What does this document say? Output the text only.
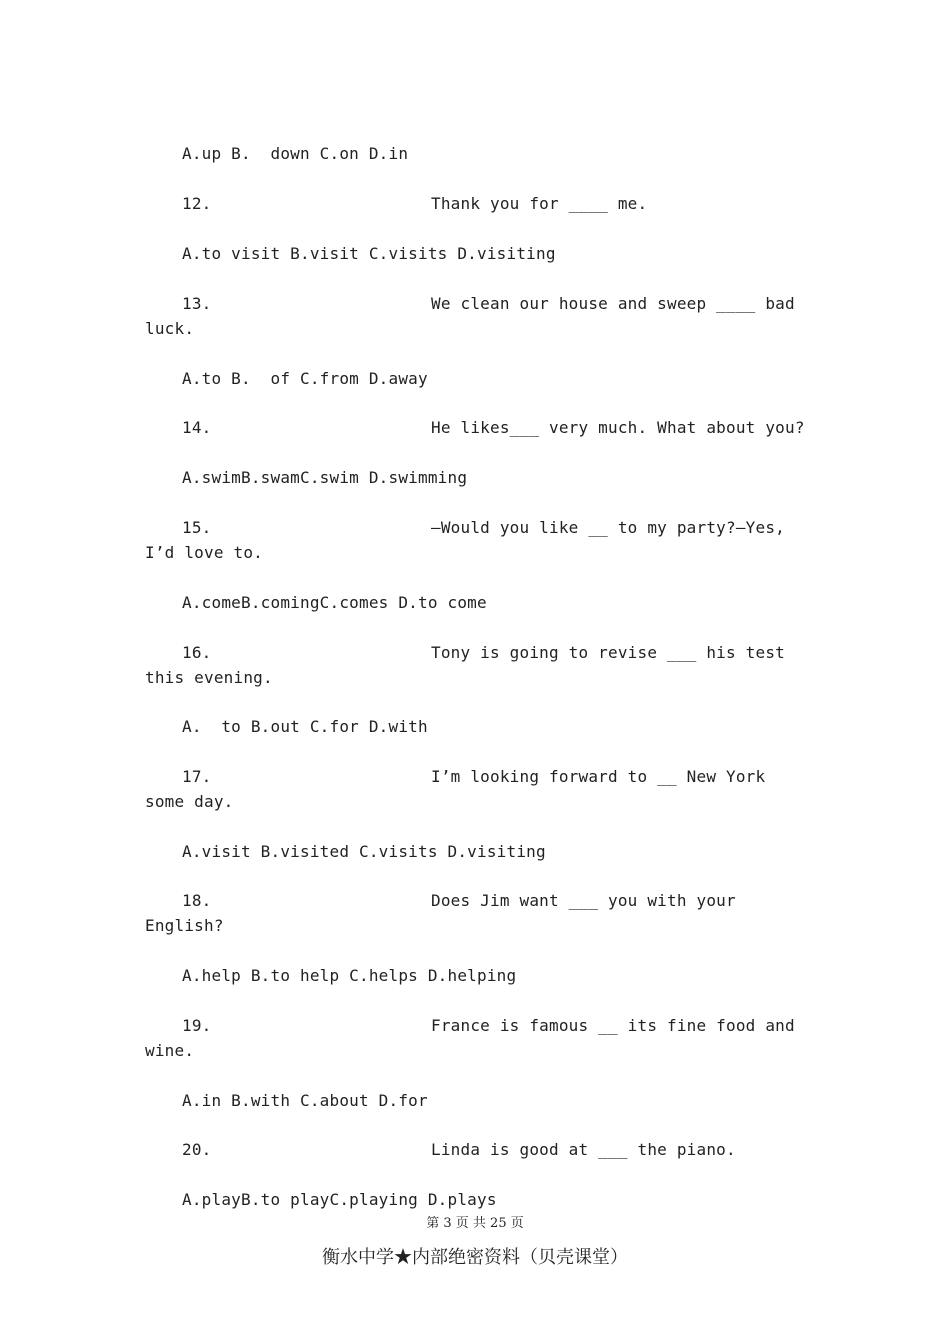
A.up B.  down C.on D.in
12.	Thank you for ____ me.
A.to visit B.visit C.visits D.visiting
13.	We clean our house and sweep ____ bad
luck.
A.to B.  of C.from D.away
14.	He likes___ very much. What about you?
A.swimB.swamC.swim D.swimming
15.	–Would you like __ to my party?—Yes,
I’d love to.
A.comeB.comingC.comes D.to come
16.	Tony is going to revise ___ his test
this evening.
A.  to B.out C.for D.with
17.	I’m looking forward to __ New York
some day.
A.visit B.visited C.visits D.visiting
18.	Does Jim want ___ you with your
English?
A.help B.to help C.helps D.helping
19.	France is famous __ its fine food and
wine.
A.in B.with C.about D.for
20.	Linda is good at ___ the piano.
A.playB.to playC.playing D.plays
第 3 页 共 25 页
衡水中学★内部绝密资料（贝壳课堂）
